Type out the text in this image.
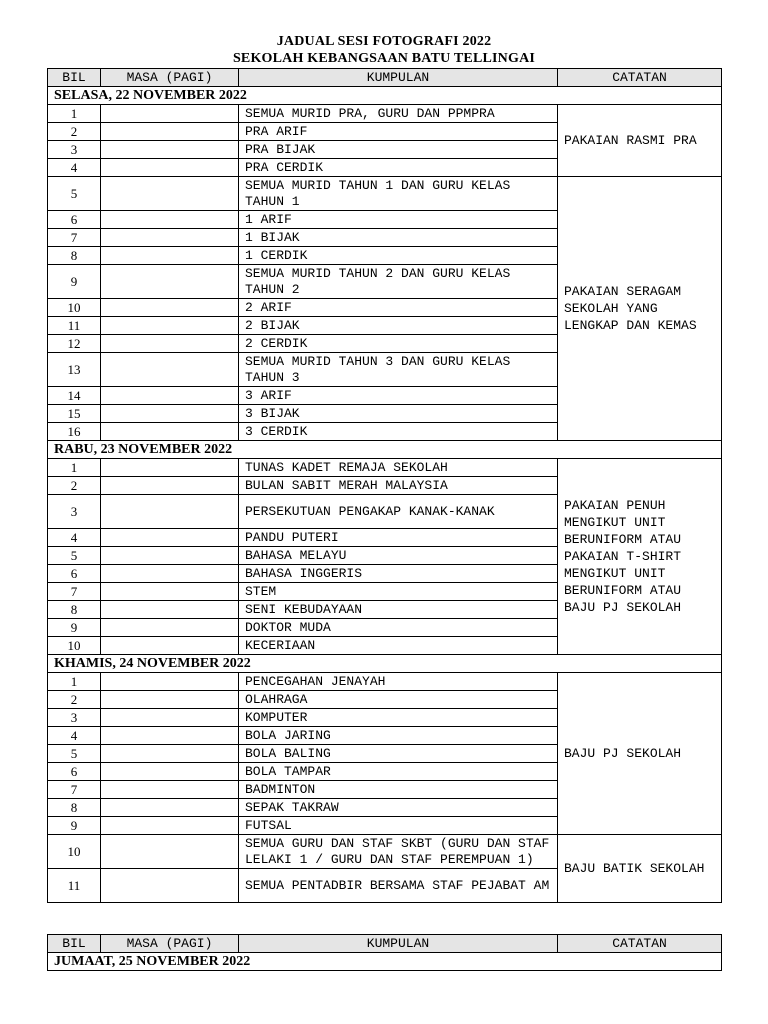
JADUAL SESI FOTOGRAFI 2022
SEKOLAH KEBANGSAAN BATU TELLINGAI
BIL	MASA (PAGI)	KUMPULAN	CATATAN
SELASA, 22 NOVEMBER 2022			
1		SEMUA MURID PRA, GURU DAN PPMPRA	PAKAIAN RASMI PRA
2		PRA ARIF	
3		PRA BIJAK	
4		PRA CERDIK	
5		SEMUA MURID TAHUN 1 DAN GURU KELAS TAHUN 1	PAKAIAN SERAGAM SEKOLAH YANG LENGKAP DAN KEMAS
6		1 ARIF	
7		1 BIJAK	
8		1 CERDIK	
9		SEMUA MURID TAHUN 2 DAN GURU KELAS TAHUN 2	
10		2 ARIF	
11		2 BIJAK	
12		2 CERDIK	
13		SEMUA MURID TAHUN 3 DAN GURU KELAS TAHUN 3	
14		3 ARIF	
15		3 BIJAK	
16		3 CERDIK	
RABU, 23 NOVEMBER 2022			
1		TUNAS KADET REMAJA SEKOLAH	PAKAIAN PENUH MENGIKUT UNIT BERUNIFORM ATAU PAKAIAN T-SHIRT MENGIKUT UNIT BERUNIFORM ATAU BAJU PJ SEKOLAH
2		BULAN SABIT MERAH MALAYSIA	
3		PERSEKUTUAN PENGAKAP KANAK-KANAK	
4		PANDU PUTERI	
5		BAHASA MELAYU	
6		BAHASA INGGERIS	
7		STEM	
8		SENI KEBUDAYAAN	
9		DOKTOR MUDA	
10		KECERIAAN	
KHAMIS, 24 NOVEMBER 2022			
1		PENCEGAHAN JENAYAH	BAJU PJ SEKOLAH
2		OLAHRAGA	
3		KOMPUTER	
4		BOLA JARING	
5		BOLA BALING	
6		BOLA TAMPAR	
7		BADMINTON	
8		SEPAK TAKRAW	
9		FUTSAL	
10		SEMUA GURU DAN STAF SKBT (GURU DAN STAF LELAKI 1 / GURU DAN STAF PEREMPUAN 1)	BAJU BATIK SEKOLAH
11		SEMUA PENTADBIR BERSAMA STAF PEJABAT AM	
BIL	MASA (PAGI)	KUMPULAN	CATATAN
JUMAAT, 25 NOVEMBER 2022
